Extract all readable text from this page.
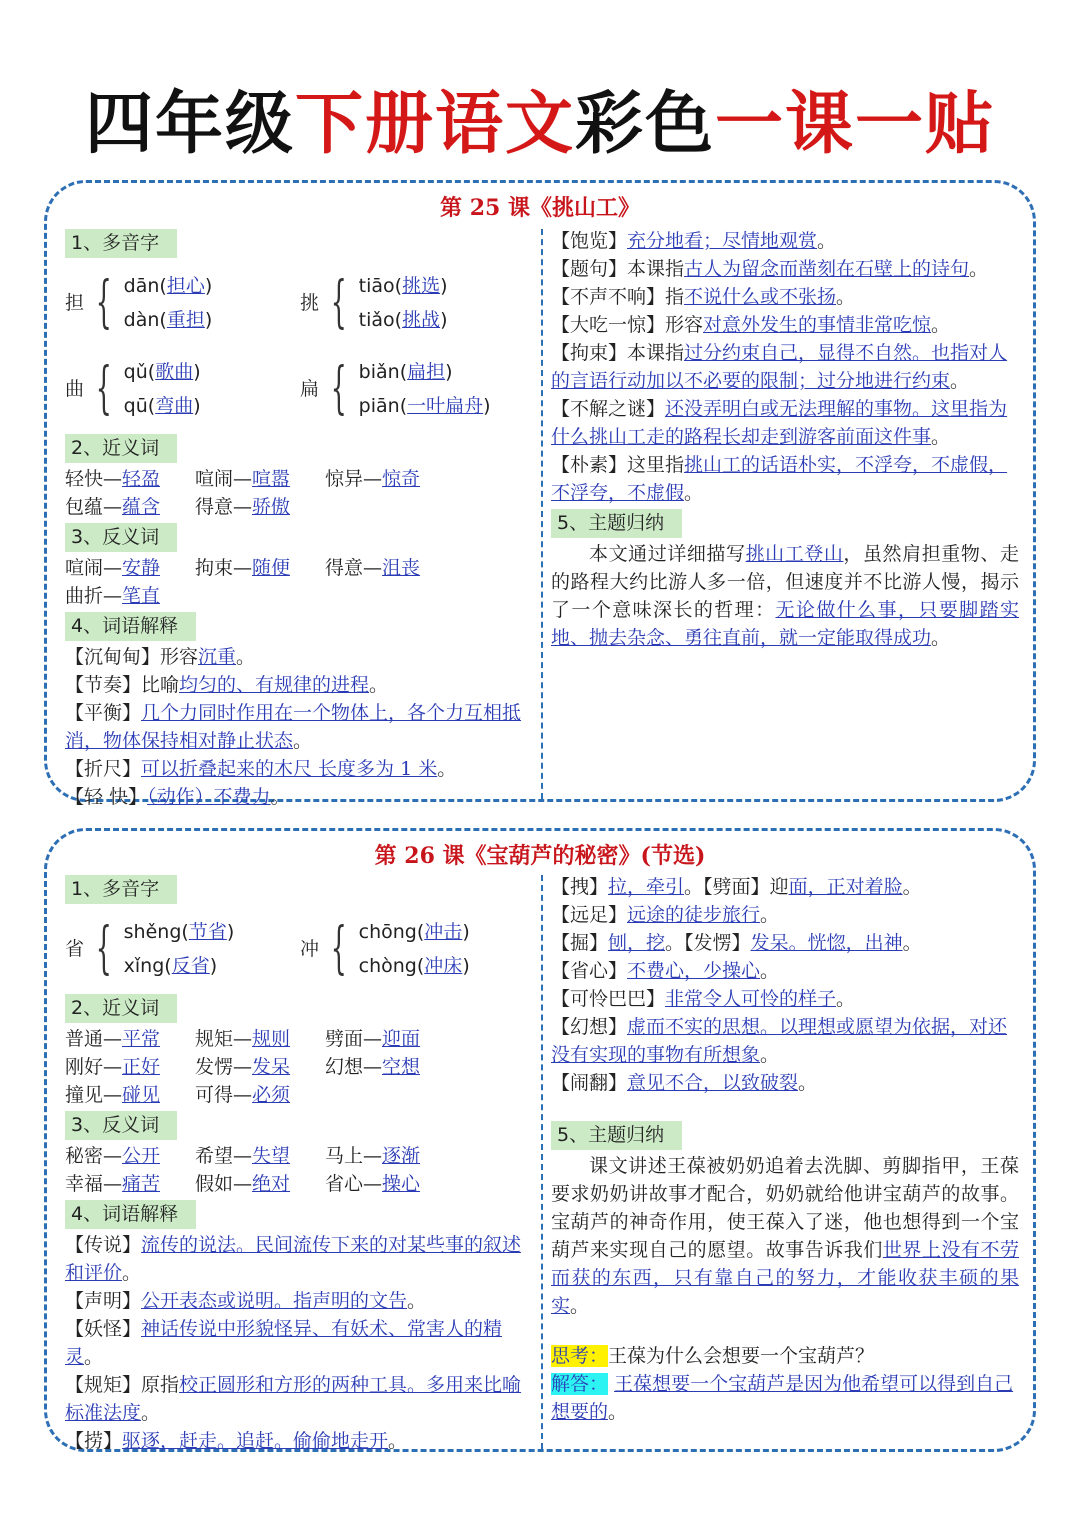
四年级下册语文彩色一课一贴
第 25 课《挑山工》
1、多音字
担 { dān(担心)
dàn(重担)
挑 { tiāo(挑选)
tiǎo(挑战)
曲 { qǔ(歌曲)
qū(弯曲)
扁 { biǎn(扁担)
piān(一叶扁舟)
2、近义词
轻快—轻盈 喧闹—喧嚣 惊异—惊奇
包蕴—蕴含 得意—骄傲
3、反义词
喧闹—安静 拘束—随便 得意—沮丧
曲折—笔直
4、词语解释
【沉甸甸】形容沉重。
【节奏】比喻均匀的、有规律的进程。
【平衡】几个力同时作用在一个物体上，各个力互相抵消，物体保持相对静止状态。
【折尺】可以折叠起来的木尺 长度多为 1 米。
【轻 快】（动作）不费力。
【饱览】充分地看；尽情地观赏。
【题句】本课指古人为留念而凿刻在石壁上的诗句。
【不声不响】指不说什么或不张扬。
【大吃一惊】形容对意外发生的事情非常吃惊。
【拘束】本课指过分约束自己，显得不自然。也指对人的言语行动加以不必要的限制；过分地进行约束。
【不解之谜】还没弄明白或无法理解的事物。这里指为什么挑山工走的路程长却走到游客前面这件事。
【朴素】这里指挑山工的话语朴实，不浮夸，不虚假，不浮夸，不虚假。
5、主题归纳
本文通过详细描写挑山工登山，虽然肩担重物、走的路程大约比游人多一倍，但速度并不比游人慢，揭示了一个意味深长的哲理：无论做什么事，只要脚踏实地、抛去杂念、勇往直前，就一定能取得成功。
第 26 课《宝葫芦的秘密》(节选)
1、多音字
省 { shěng(节省)
xǐng(反省)
冲 { chōng(冲击)
chòng(冲床)
2、近义词
普通—平常 规矩—规则 劈面—迎面
刚好—正好 发愣—发呆 幻想—空想
撞见—碰见 可得—必须
3、反义词
秘密—公开 希望—失望 马上—逐渐
幸福—痛苦 假如—绝对 省心—操心
4、词语解释
【传说】流传的说法。民间流传下来的对某些事的叙述和评价。
【声明】公开表态或说明。指声明的文告。
【妖怪】神话传说中形貌怪异、有妖术、常害人的精灵。
【规矩】原指校正圆形和方形的两种工具。多用来比喻标准法度。
【捞】驱逐，赶走。追赶。偷偷地走开。
【拽】拉，牵引。【劈面】迎面，正对着脸。
【远足】远途的徒步旅行。
【掘】刨，挖。【发愣】发呆。恍惚，出神。
【省心】不费心，少操心。
【可怜巴巴】非常令人可怜的样子。
【幻想】虚而不实的思想。以理想或愿望为依据，对还没有实现的事物有所想象。
【闹翻】意见不合，以致破裂。
5、主题归纳
课文讲述王葆被奶奶追着去洗脚、剪脚指甲，王葆要求奶奶讲故事才配合，奶奶就给他讲宝葫芦的故事。宝葫芦的神奇作用，使王葆入了迷，他也想得到一个宝葫芦来实现自己的愿望。故事告诉我们世界上没有不劳而获的东西，只有靠自己的努力，才能收获丰硕的果实。
思考：王葆为什么会想要一个宝葫芦？
解答： 王葆想要一个宝葫芦是因为他希望可以得到自己想要的。
